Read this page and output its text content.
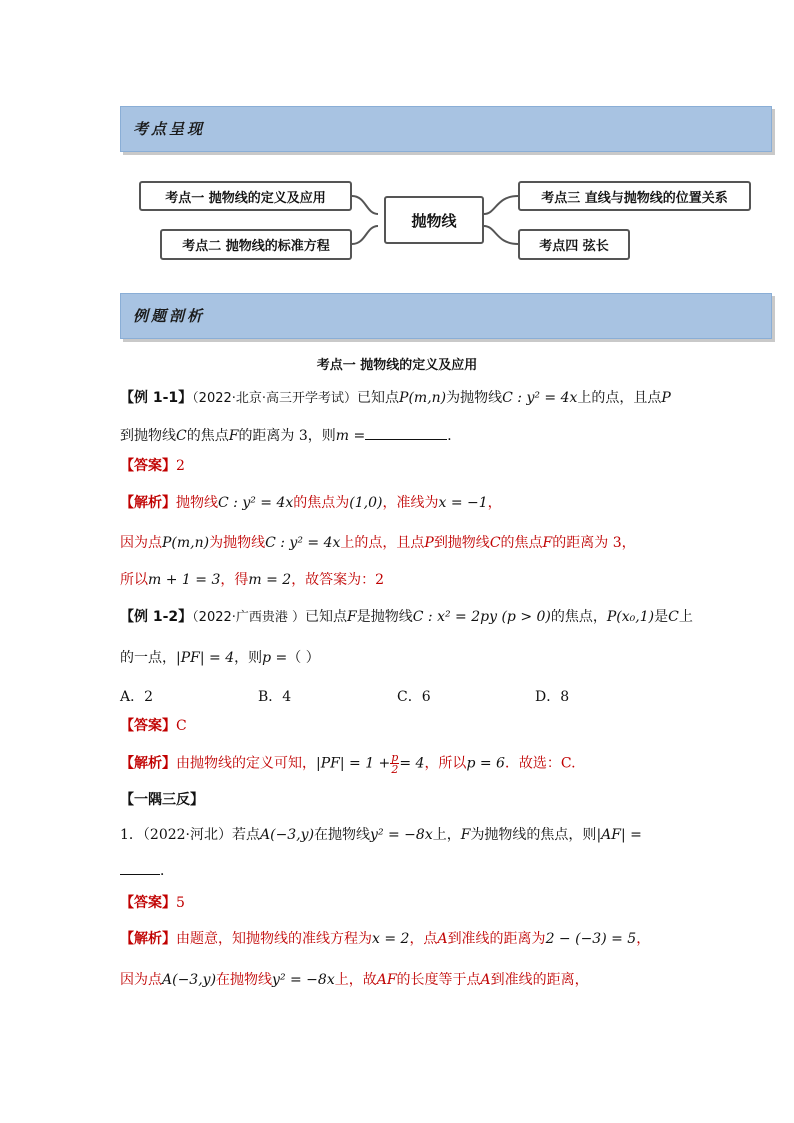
考点呈现
考点一 抛物线的定义及应用
考点二 抛物线的标准方程
抛物线
考点三 直线与抛物线的位置关系
考点四 弦长
例题剖析
考点一 抛物线的定义及应用
【例 1-1】（2022·北京·高三开学考试）已知点P(m,n)为抛物线C : y² = 4x上的点，且点P
到抛物线C的焦点F的距离为 3，则m =	．
【答案】2
【解析】抛物线C : y² = 4x的焦点为(1,0)，准线为x = −1，
因为点P(m,n)为抛物线C : y² = 4x上的点，且点P到抛物线C的焦点F的距离为 3，
所以m + 1 = 3，得m = 2，故答案为：2
【例 1-2】（2022·广西贵港 ）已知点F是抛物线C : x² = 2py (p > 0)的焦点，P(x₀,1)是C上
的一点，|PF| = 4，则p =（ ）
A．2	B．4	C．6	D．8
【答案】C
【解析】由抛物线的定义可知，$|PF| = 1 + \frac{p}{2} = 4$，所以p = 6．故选：C.
【一隅三反】
1．（2022·河北）若点A(−3,y)在抛物线y² = −8x上，F为抛物线的焦点，则|AF| =
．
【答案】5
【解析】由题意，知抛物线的准线方程为x = 2，点A到准线的距离为2 − (−3) = 5，
因为点A(−3,y)在抛物线y² = −8x上，故AF的长度等于点A到准线的距离，
